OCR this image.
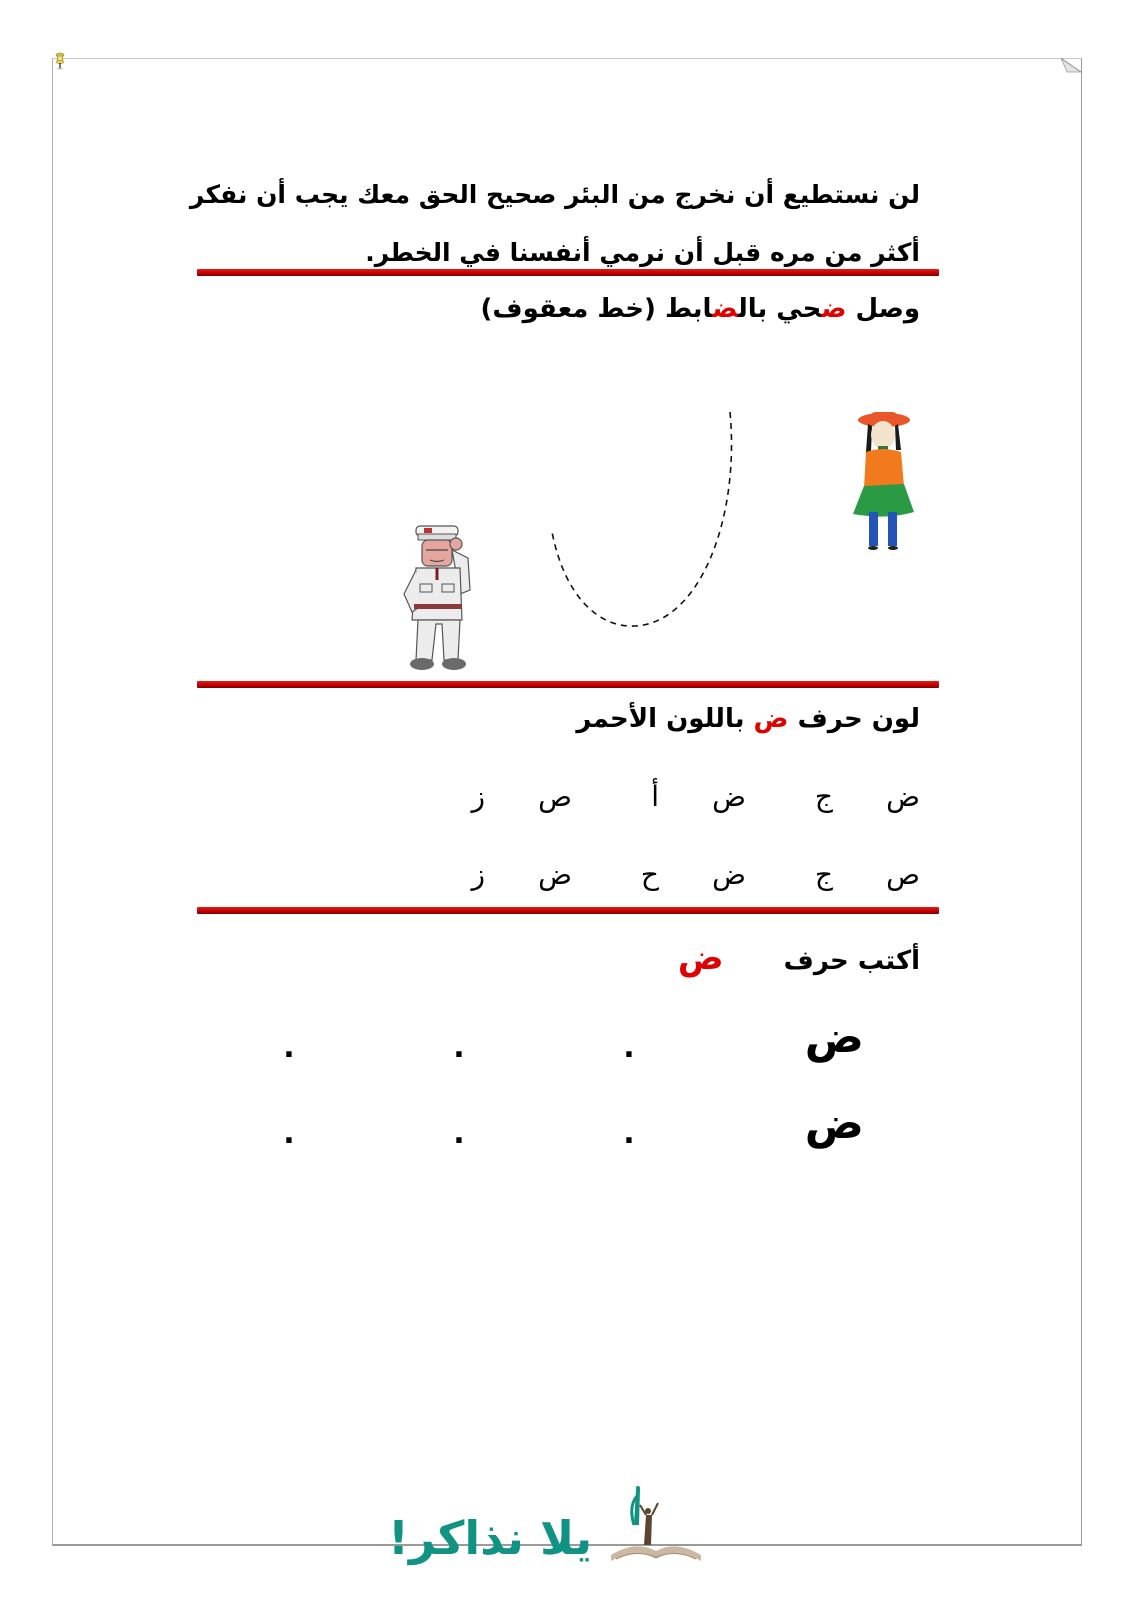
لن نستطيع أن نخرج من البئر صحيح الحق معك يجب أن نفكر
أكثر من مره قبل أن نرمي أنفسنا في الخطر.
وصل ضحي بالضابط (خط معقوف)
لون حرف ض باللون الأحمر
ض
ج
ض
أ
ص
ز
ص
ج
ض
ح
ض
ز
أكتب حرفض
ض
.
.
.
ض
.
.
.
يلا نذاكر!
